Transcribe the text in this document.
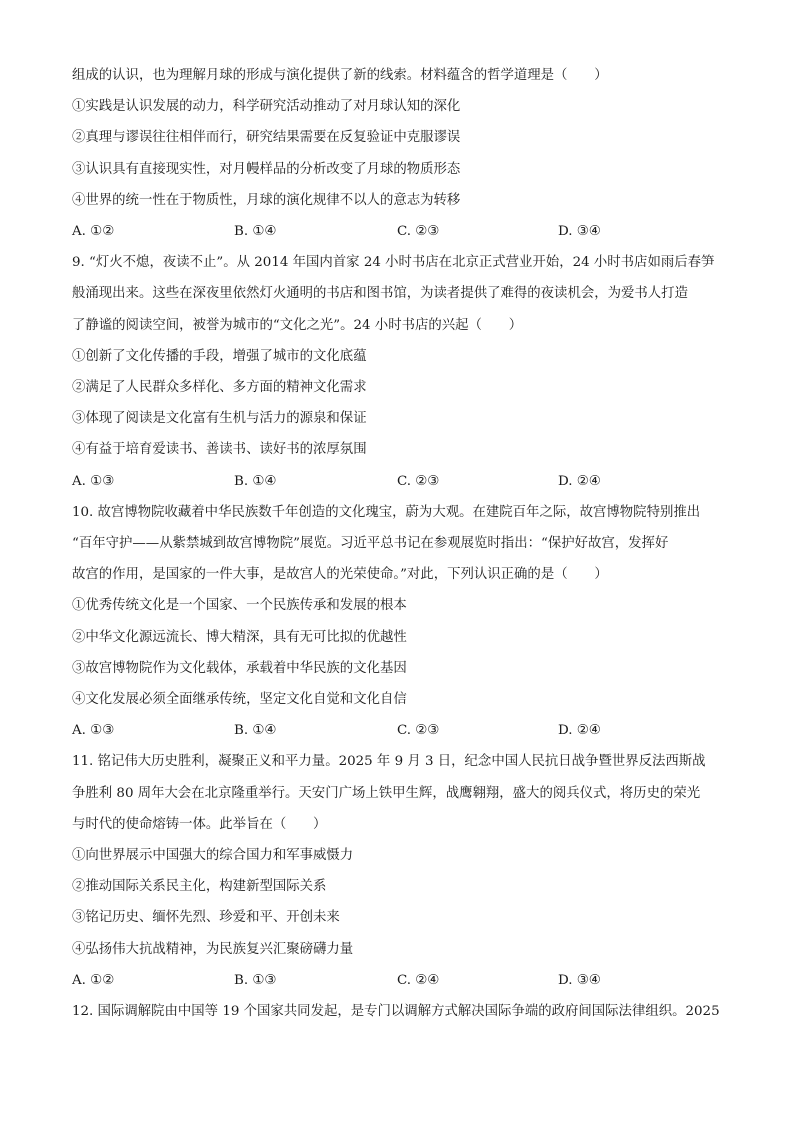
组成的认识，也为理解月球的形成与演化提供了新的线索。材料蕴含的哲学道理是（　　）
①实践是认识发展的动力，科学研究活动推动了对月球认知的深化
②真理与谬误往往相伴而行，研究结果需要在反复验证中克服谬误
③认识具有直接现实性，对月幔样品的分析改变了月球的物质形态
④世界的统一性在于物质性，月球的演化规律不以人的意志为转移
A. ①②	B. ①④	C. ②③	D. ③④
9. “灯火不熄，夜读不止”。从 2014 年国内首家 24 小时书店在北京正式营业开始，24 小时书店如雨后春笋
般涌现出来。这些在深夜里依然灯火通明的书店和图书馆，为读者提供了难得的夜读机会，为爱书人打造
了静谧的阅读空间，被誉为城市的“文化之光”。24 小时书店的兴起（　　）
①创新了文化传播的手段，增强了城市的文化底蕴
②满足了人民群众多样化、多方面的精神文化需求
③体现了阅读是文化富有生机与活力的源泉和保证
④有益于培育爱读书、善读书、读好书的浓厚氛围
A. ①③	B. ①④	C. ②③	D. ②④
10. 故宫博物院收藏着中华民族数千年创造的文化瑰宝，蔚为大观。在建院百年之际，故宫博物院特别推出
“百年守护——从紫禁城到故宫博物院”展览。习近平总书记在参观展览时指出：“保护好故宫，发挥好
故宫的作用，是国家的一件大事，是故宫人的光荣使命。”对此，下列认识正确的是（　　）
①优秀传统文化是一个国家、一个民族传承和发展的根本
②中华文化源远流长、博大精深，具有无可比拟的优越性
③故宫博物院作为文化载体，承载着中华民族的文化基因
④文化发展必须全面继承传统，坚定文化自觉和文化自信
A. ①③	B. ①④	C. ②③	D. ②④
11. 铭记伟大历史胜利，凝聚正义和平力量。2025 年 9 月 3 日，纪念中国人民抗日战争暨世界反法西斯战
争胜利 80 周年大会在北京隆重举行。天安门广场上铁甲生辉，战鹰翱翔，盛大的阅兵仪式，将历史的荣光
与时代的使命熔铸一体。此举旨在（　　）
①向世界展示中国强大的综合国力和军事威慑力
②推动国际关系民主化，构建新型国际关系
③铭记历史、缅怀先烈、珍爱和平、开创未来
④弘扬伟大抗战精神，为民族复兴汇聚磅礴力量
A. ①②	B. ①③	C. ②④	D. ③④
12. 国际调解院由中国等 19 个国家共同发起，是专门以调解方式解决国际争端的政府间国际法律组织。2025
